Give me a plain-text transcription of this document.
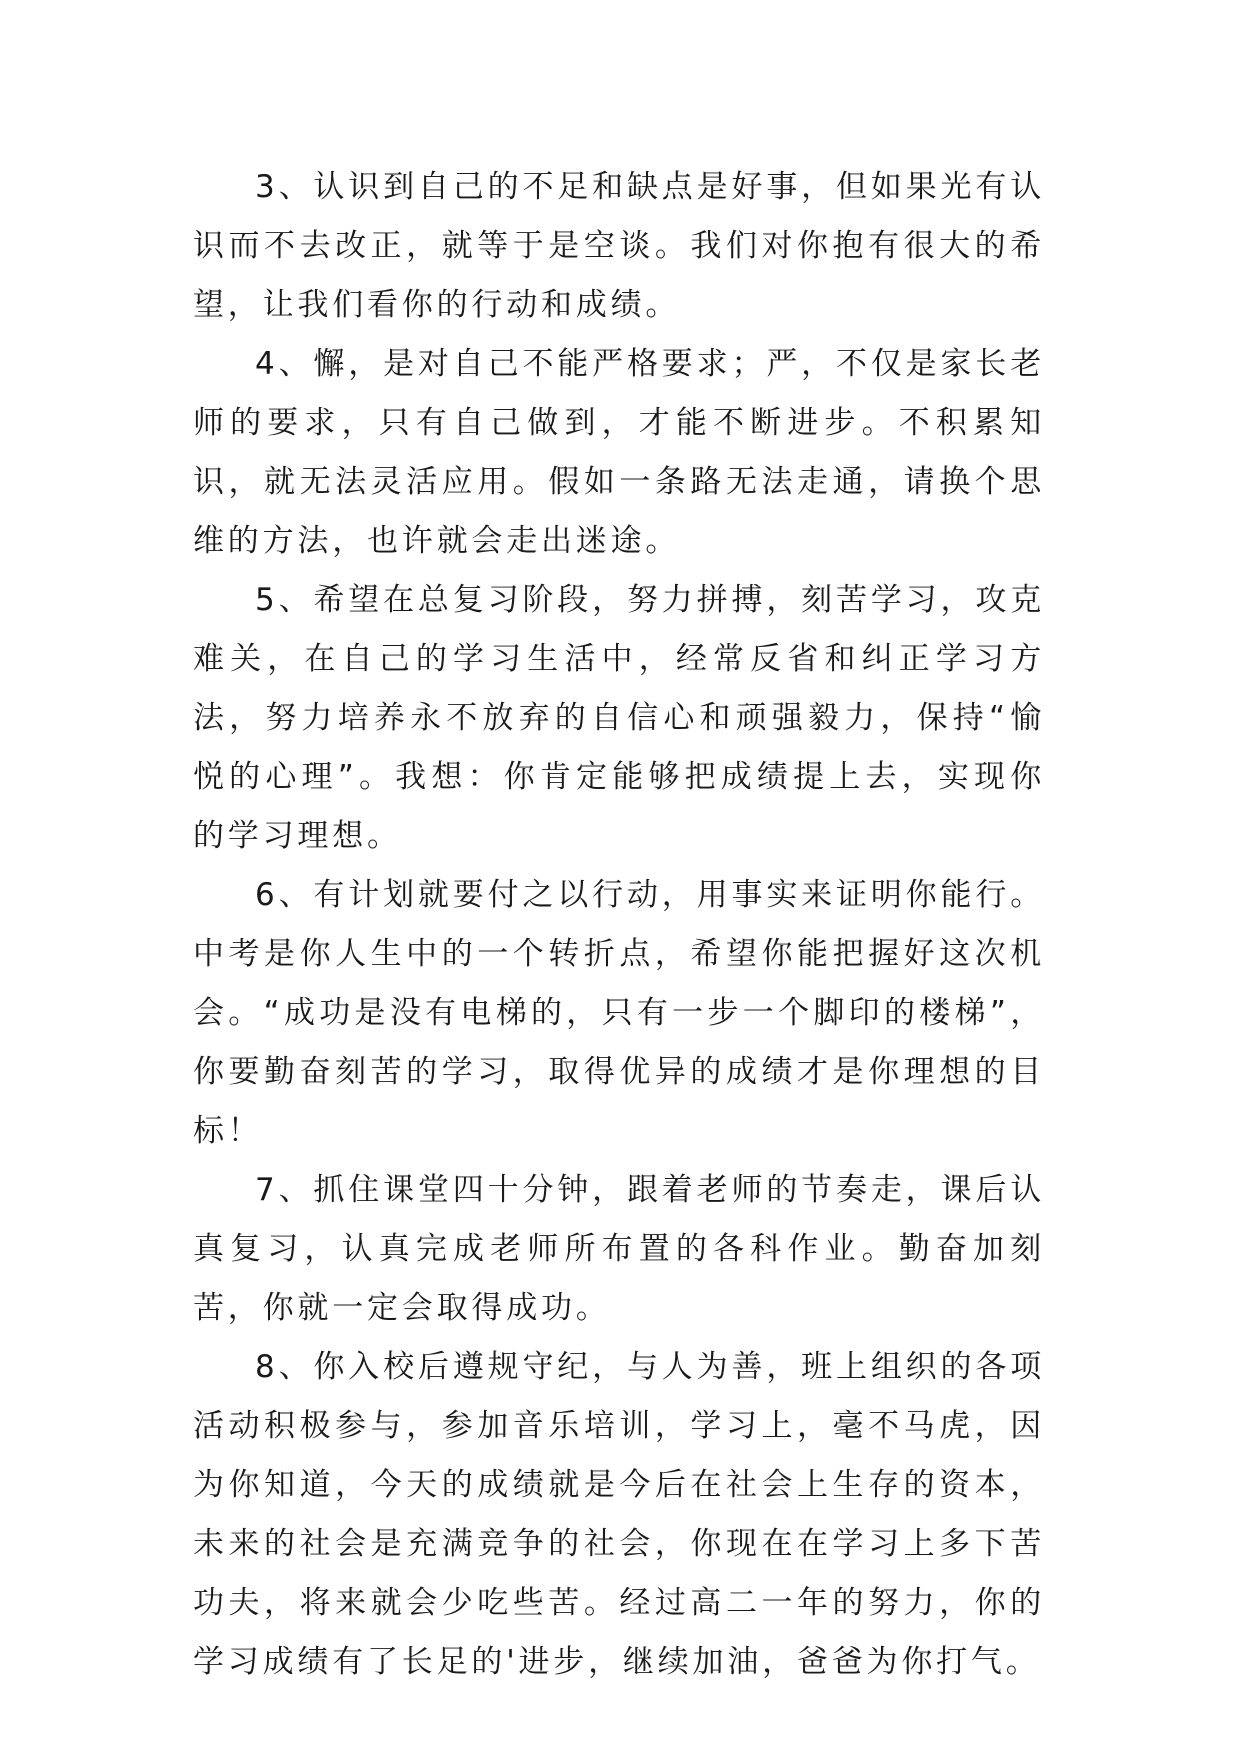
3、认识到自己的不足和缺点是好事，但如果光有认识而不去改正，就等于是空谈。我们对你抱有很大的希望，让我们看你的行动和成绩。

4、懈，是对自己不能严格要求；严，不仅是家长老师的要求，只有自己做到，才能不断进步。不积累知识，就无法灵活应用。假如一条路无法走通，请换个思维的方法，也许就会走出迷途。

5、希望在总复习阶段，努力拼搏，刻苦学习，攻克难关，在自己的学习生活中，经常反省和纠正学习方法，努力培养永不放弃的自信心和顽强毅力，保持“愉悦的心理”。我想：你肯定能够把成绩提上去，实现你的学习理想。

6、有计划就要付之以行动，用事实来证明你能行。中考是你人生中的一个转折点，希望你能把握好这次机会。“成功是没有电梯的，只有一步一个脚印的楼梯”，你要勤奋刻苦的学习，取得优异的成绩才是你理想的目标！

7、抓住课堂四十分钟，跟着老师的节奏走，课后认真复习，认真完成老师所布置的各科作业。勤奋加刻苦，你就一定会取得成功。

8、你入校后遵规守纪，与人为善，班上组织的各项活动积极参与，参加音乐培训，学习上，毫不马虎，因为你知道，今天的成绩就是今后在社会上生存的资本，未来的社会是充满竞争的社会，你现在在学习上多下苦功夫，将来就会少吃些苦。经过高二一年的努力，你的学习成绩有了长足的'进步，继续加油，爸爸为你打气。
